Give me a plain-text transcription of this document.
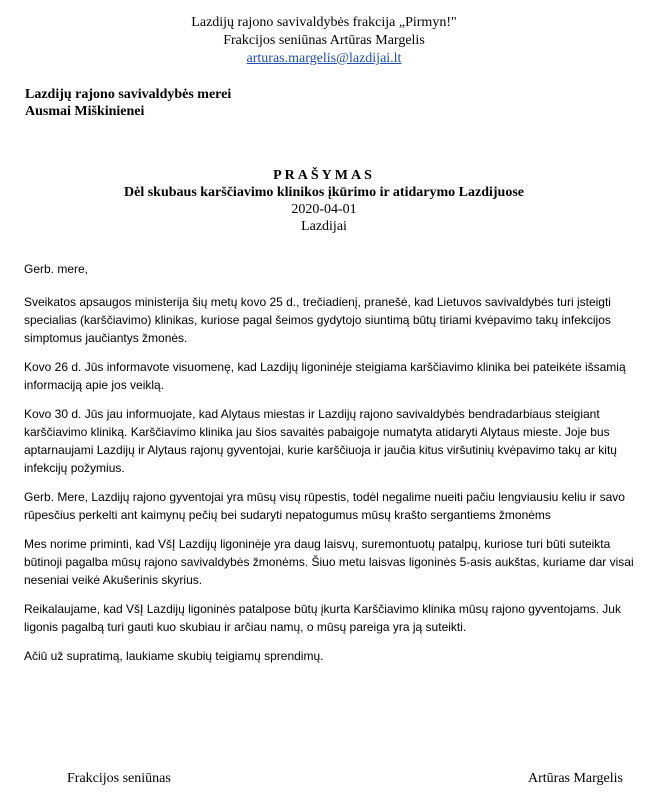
Lazdijų rajono savivaldybės frakcija „Pirmyn!"
Frakcijos seniūnas Artūras Margelis
arturas.margelis@lazdijai.lt
Lazdijų rajono savivaldybės merei
Ausmai Miškinienei
PRAŠYMAS
Dėl skubaus karščiavimo klinikos įkūrimo ir atidarymo Lazdijuose
2020-04-01
Lazdijai

Gerb. mere,

Sveikatos apsaugos ministerija šių metų kovo 25 d., trečiadienį, pranešė, kad Lietuvos savivaldybės turi įsteigti specialias (karščiavimo) klinikas, kuriose pagal šeimos gydytojo siuntimą būtų tiriami kvėpavimo takų infekcijos simptomus jaučiantys žmonės.

Kovo 26 d. Jūs informavote visuomenę, kad Lazdijų ligoninėje steigiama karščiavimo klinika bei pateikėte išsamią informaciją apie jos veiklą.

Kovo 30 d. Jūs jau informuojate, kad Alytaus miestas ir Lazdijų rajono savivaldybės bendradarbiaus steigiant karščiavimo kliniką. Karščiavimo klinika jau šios savaitės pabaigoje numatyta atidaryti Alytaus mieste. Joje bus aptarnaujami Lazdijų ir Alytaus rajonų gyventojai, kurie karščiuoja ir jaučia kitus viršutinių kvėpavimo takų ar kitų infekcijų požymius.

Gerb. Mere, Lazdijų rajono gyventojai yra mūsų visų rūpestis, todėl negalime nueiti pačiu lengviausiu keliu ir savo rūpesčius perkelti ant kaimynų pečių bei sudaryti nepatogumus mūsų krašto sergantiems žmonėms

Mes norime priminti, kad VšĮ Lazdijų ligoninėje yra daug laisvų, suremontuotų patalpų, kuriose turi būti suteikta būtinoji pagalba mūsų rajono savivaldybės žmonėms. Šiuo metu laisvas ligoninės 5-asis aukštas, kuriame dar visai neseniai veikė Akušerinis skyrius.

Reikalaujame, kad VšĮ Lazdijų ligoninės patalpose būtų įkurta Karščiavimo klinika mūsų rajono gyventojams. Juk ligonis pagalbą turi gauti kuo skubiau ir arčiau namų, o mūsų pareiga yra ją suteikti.

Ačiū už supratimą, laukiame skubių teigiamų sprendimų.

Frakcijos seniūnas	Artūras Margelis
